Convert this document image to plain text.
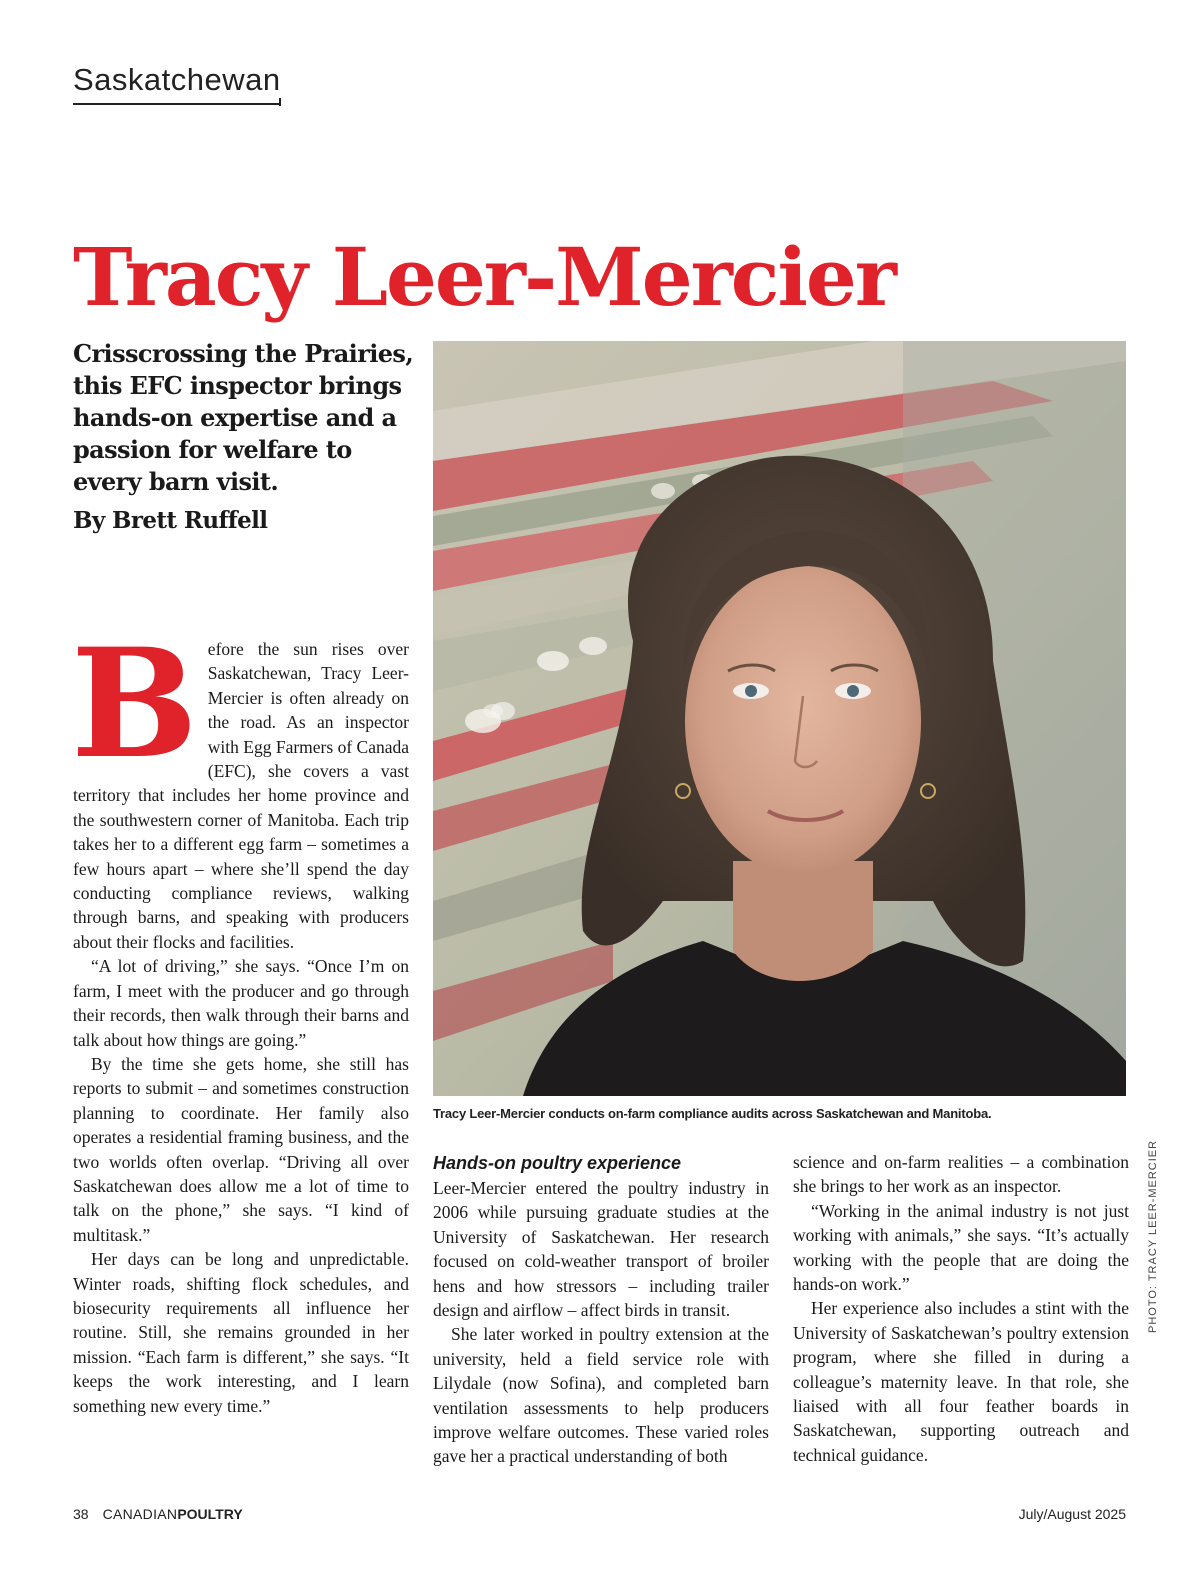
Saskatchewan
Tracy Leer-Mercier

Crisscrossing the Prairies, this EFC inspector brings hands-on expertise and a passion for welfare to every barn visit.

By Brett Ruffell
Tracy Leer-Mercier conducts on-farm compliance audits across Saskatchewan and Manitoba.
B efore the sun rises over Saskatchewan, Tracy Leer-Mercier is often already on the road. As an inspector with Egg Farmers of Canada (EFC), she covers a vast territory that includes her home province and the southwestern corner of Manitoba. Each trip takes her to a different egg farm – sometimes a few hours apart – where she’ll spend the day conducting compliance reviews, walking through barns, and speaking with producers about their flocks and facilities.

“A lot of driving,” she says. “Once I’m on farm, I meet with the producer and go through their records, then walk through their barns and talk about how things are going.”

By the time she gets home, she still has reports to submit – and sometimes construction planning to coordinate. Her family also operates a residential framing business, and the two worlds often overlap. “Driving all over Saskatchewan does allow me a lot of time to talk on the phone,” she says. “I kind of multitask.”

Her days can be long and unpredictable. Winter roads, shifting flock schedules, and biosecurity requirements all influence her routine. Still, she remains grounded in her mission. “Each farm is different,” she says. “It keeps the work interesting, and I learn something new every time.”

Hands-on poultry experience

Leer-Mercier entered the poultry industry in 2006 while pursuing graduate studies at the University of Saskatchewan. Her research focused on cold-weather transport of broiler hens and how stressors – including trailer design and airflow – affect birds in transit.

She later worked in poultry extension at the university, held a field service role with Lilydale (now Sofina), and completed barn ventilation assessments to help producers improve welfare outcomes. These varied roles gave her a practical understanding of both

science and on-farm realities – a combination she brings to her work as an inspector.

“Working in the animal industry is not just working with animals,” she says. “It’s actually working with the people that are doing the hands-on work.”

Her experience also includes a stint with the University of Saskatchewan’s poultry extension program, where she filled in during a colleague’s maternity leave. In that role, she liaised with all four feather boards in Saskatchewan, supporting outreach and technical guidance.

PHOTO: TRACY LEER-MERCIER
38 CANADIANPOULTRY	July/August 2025
